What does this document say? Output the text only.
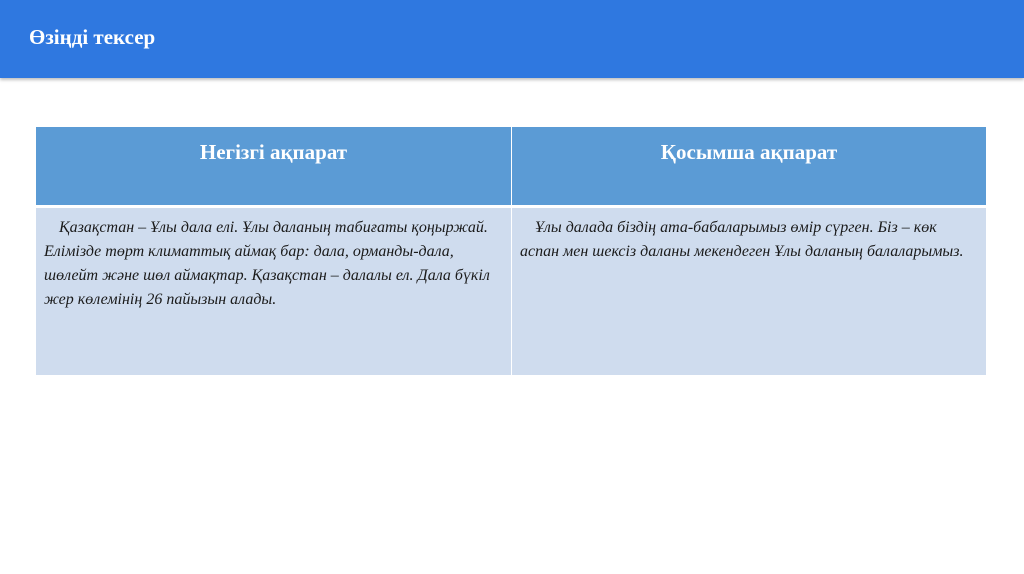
Өзіңді тексер
Негізгі ақпарат	Қосымша ақпарат

Қазақстан – Ұлы дала елі. Ұлы даланың табиғаты қоңыржай. Елімізде төрт климаттық аймақ бар: дала, орманды-дала, шөлейт және шөл аймақтар. Қазақстан – далалы ел. Дала бүкіл жер көлемінің 26 пайызын алады.	Ұлы далада біздің ата-бабаларымыз өмір сүрген. Біз – көк аспан мен шексіз даланы мекендеген Ұлы даланың балаларымыз.
